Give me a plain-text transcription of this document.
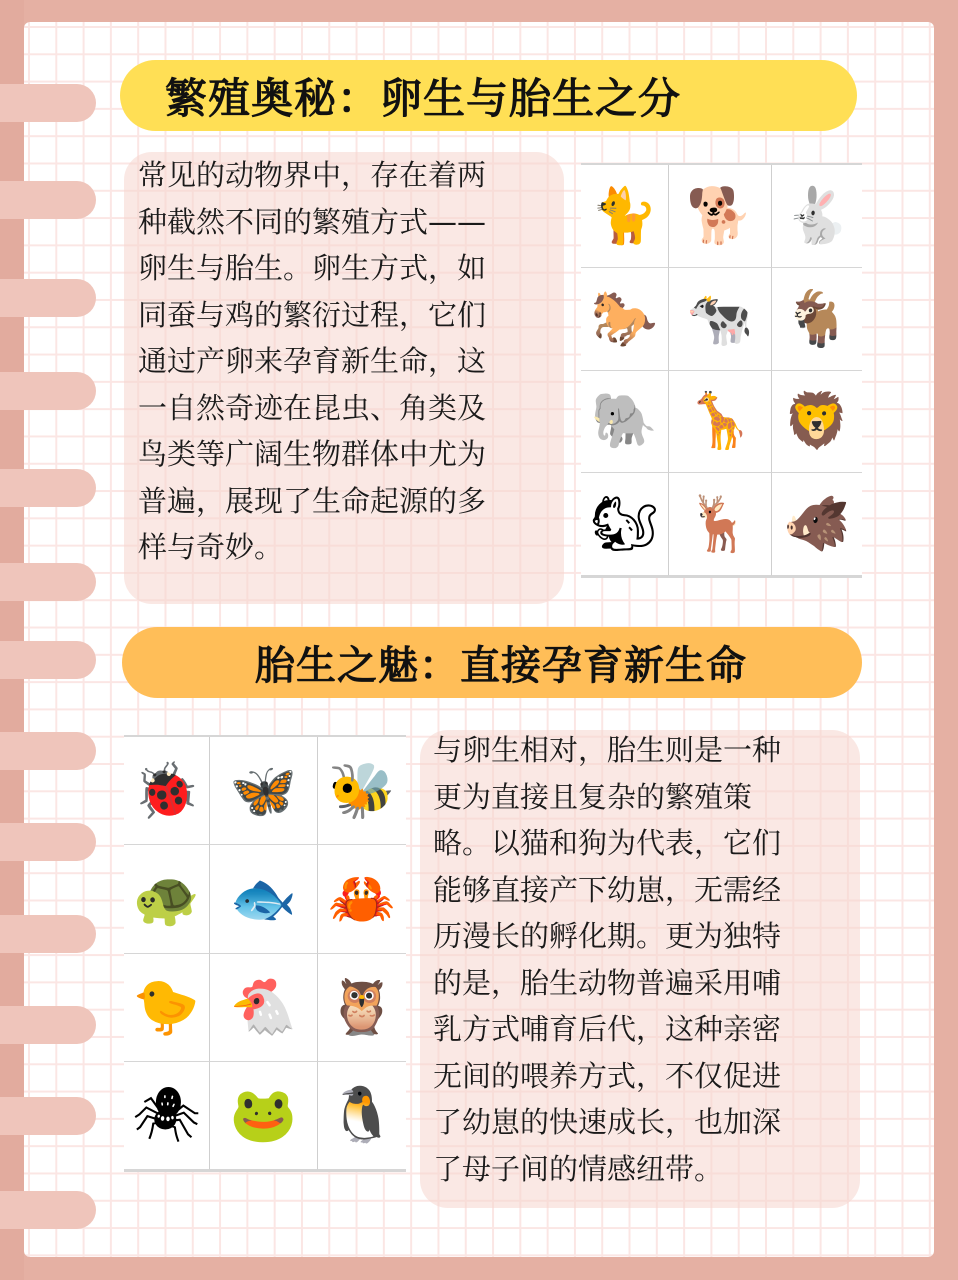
繁殖奥秘：卵生与胎生之分
常见的动物界中，存在着两
种截然不同的繁殖方式——
卵生与胎生。卵生方式，如
同蚕与鸡的繁衍过程，它们
通过产卵来孕育新生命，这
一自然奇迹在昆虫、角类及
鸟类等广阔生物群体中尤为
普遍，展现了生命起源的多
样与奇妙。
🐈 🐕 🐇
🐎 🐄 🐐
🐘 🦒 🦁
🐿 🦌 🐗
胎生之魅：直接孕育新生命
🐞 🦋 🐝
🐢 🐟 🦀
🐤 🐔 🦉
🕷 🐸 🐧
与卵生相对，胎生则是一种
更为直接且复杂的繁殖策
略。以猫和狗为代表，它们
能够直接产下幼崽，无需经
历漫长的孵化期。更为独特
的是，胎生动物普遍采用哺
乳方式哺育后代，这种亲密
无间的喂养方式，不仅促进
了幼崽的快速成长，也加深
了母子间的情感纽带。
